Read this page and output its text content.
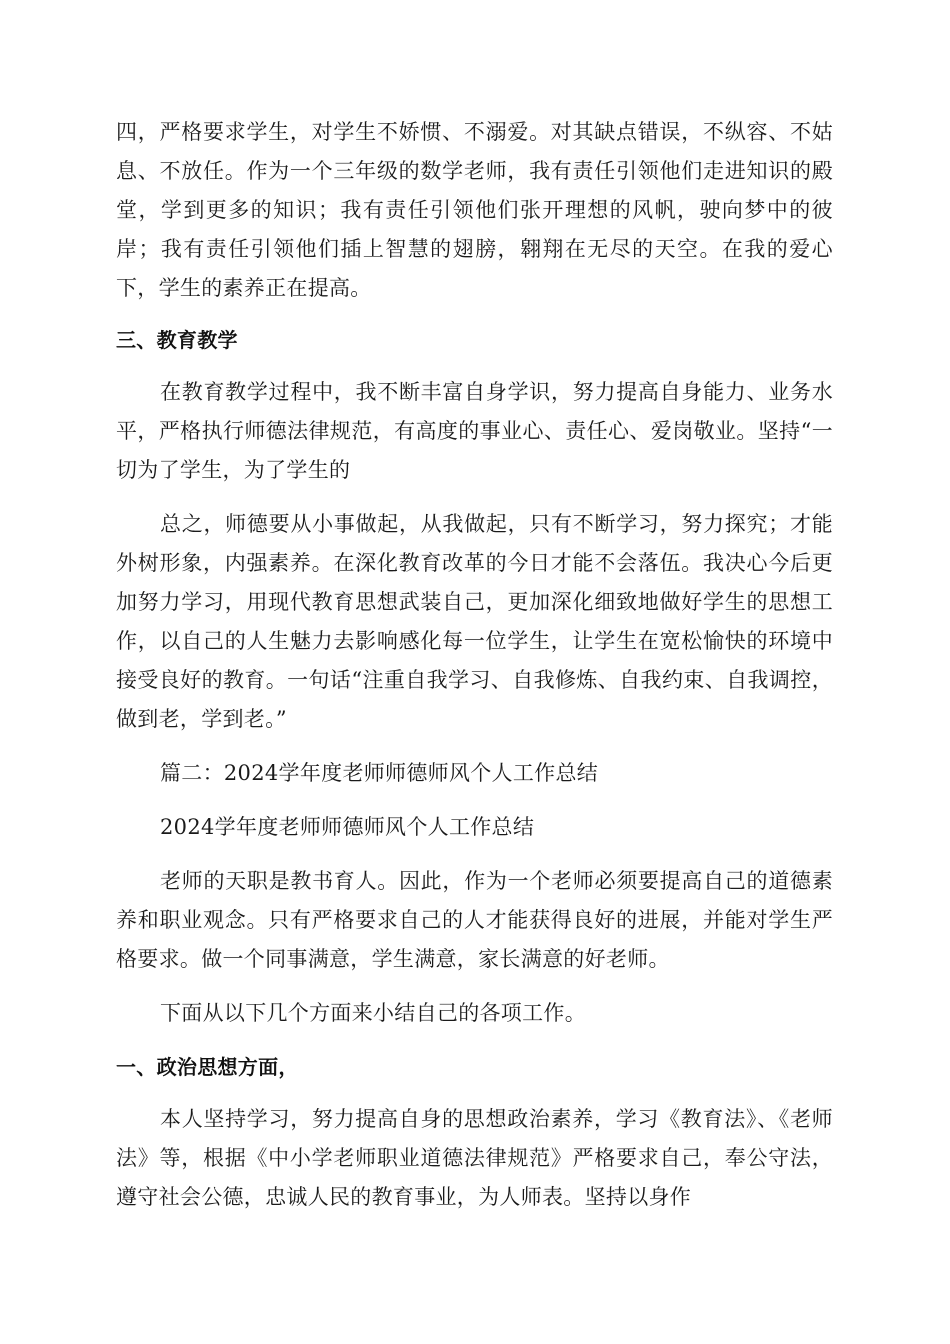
四，严格要求学生，对学生不娇惯、不溺爱。对其缺点错误，不纵容、不姑息、不放任。作为一个三年级的数学老师，我有责任引领他们走进知识的殿堂，学到更多的知识；我有责任引领他们张开理想的风帆，驶向梦中的彼岸；我有责任引领他们插上智慧的翅膀，翱翔在无尽的天空。在我的爱心下，学生的素养正在提高。

三、教育教学

在教育教学过程中，我不断丰富自身学识，努力提高自身能力、业务水平，严格执行师德法律规范，有高度的事业心、责任心、爱岗敬业。坚持“一切为了学生，为了学生的

总之，师德要从小事做起，从我做起，只有不断学习，努力探究；才能外树形象，内强素养。在深化教育改革的今日才能不会落伍。我决心今后更加努力学习，用现代教育思想武装自己，更加深化细致地做好学生的思想工作，以自己的人生魅力去影响感化每一位学生，让学生在宽松愉快的环境中接受良好的教育。一句话“注重自我学习、自我修炼、自我约束、自我调控，做到老，学到老。”

篇二：2024学年度老师师德师风个人工作总结

2024学年度老师师德师风个人工作总结

老师的天职是教书育人。因此，作为一个老师必须要提高自己的道德素养和职业观念。只有严格要求自己的人才能获得良好的进展，并能对学生严格要求。做一个同事满意，学生满意，家长满意的好老师。

下面从以下几个方面来小结自己的各项工作。

一、政治思想方面，

本人坚持学习，努力提高自身的思想政治素养，学习《教育法》、《老师法》等，根据《中小学老师职业道德法律规范》严格要求自己，奉公守法，遵守社会公德，忠诚人民的教育事业，为人师表。坚持以身作
